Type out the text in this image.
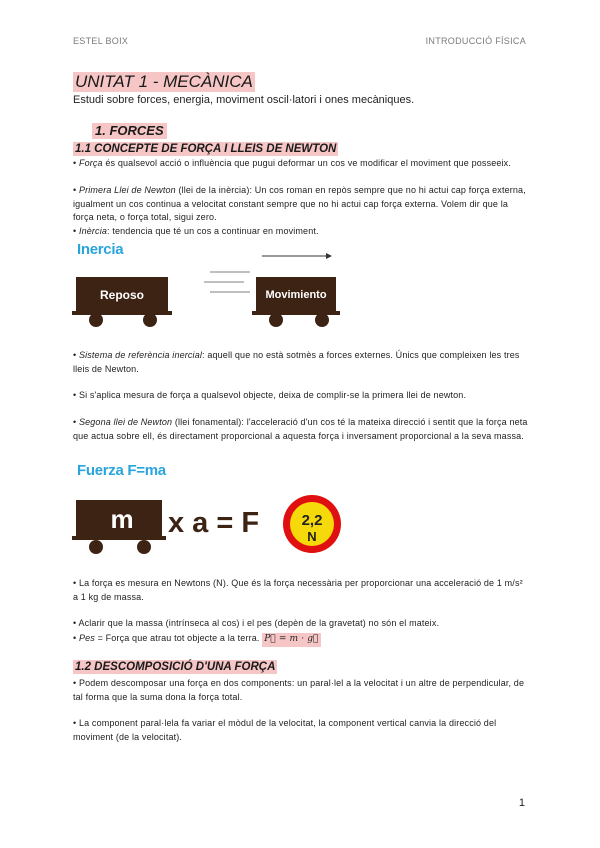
ESTEL BOIX	INTRODUCCIÓ FÍSICA
UNITAT 1 - MECÀNICA
Estudi sobre forces, energia, moviment oscil·latori i ones mecàniques.
1. FORCES
1.1 CONCEPTE DE FORÇA I LLEIS DE NEWTON

• Força és qualsevol acció o influència que pugui deformar un cos ve modificar el moviment que posseeix.

• Primera Llei de Newton (llei de la inèrcia): Un cos roman en repòs sempre que no hi actui cap força externa, igualment un cos continua a velocitat constant sempre que no hi actui cap força externa. Volem dir que la força neta, o força total, sigui zero.

• Inèrcia: tendencia que té un cos a continuar en moviment.

Inercia
Reposo	Movimiento

• Sistema de referència inercial: aquell que no està sotmès a forces externes. Únics que compleixen les tres lleis de Newton.

• Si s'aplica mesura de força a qualsevol objecte, deixa de complir-se la primera llei de newton.

• Segona llei de Newton (llei fonamental): l'acceleració d'un cos té la mateixa direcció i sentit que la força neta que actua sobre ell, és directament proporcional a aquesta força i inversament proporcional a la seva massa.

Fuerza F=ma
m x a = F	2,2
N

• La força es mesura en Newtons (N). Que és la força necessària per proporcionar una acceleració de 1 m/s² a 1 kg de massa.

• Aclarir que la massa (intrínseca al cos) i el pes (depèn de la gravetat) no són el mateix.

• Pes = Força que atrau tot objecte a la terra. P⃗ = m · g⃗

1.2 DESCOMPOSICIÓ D'UNA FORÇA

• Podem descomposar una força en dos components: un paral·lel a la velocitat i un altre de perpendicular, de tal forma que la suma dona la força total.

• La component paral·lela fa variar el mòdul de la velocitat, la component vertical canvia la direcció del moviment (de la velocitat).

1
